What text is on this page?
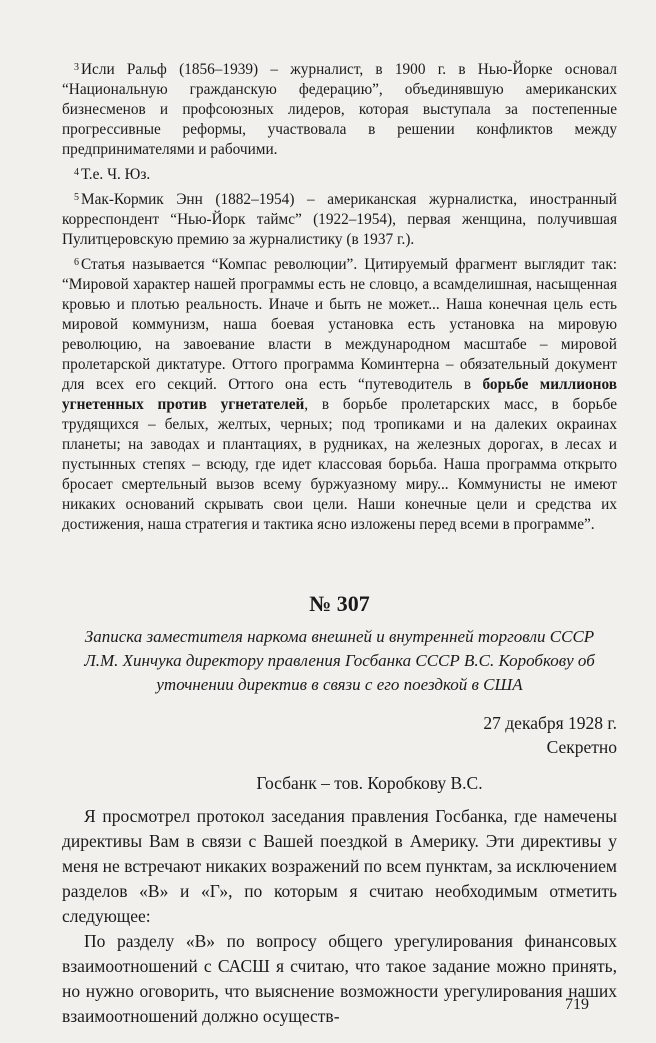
$^3$ Исли Ральф (1856–1939) – журналист, в 1900 г. в Нью-Йорке основал “Национальную гражданскую федерацию”, объединявшую американских бизнесменов и профсоюзных лидеров, которая выступала за постепенные прогрессивные реформы, участвовала в решении конфликтов между предпринимателями и рабочими.

$^4$ Т.е. Ч. Юз.

$^5$ Мак-Кормик Энн (1882–1954) – американская журналистка, иностранный корреспондент “Нью-Йорк таймс” (1922–1954), первая женщина, получившая Пулитцеровскую премию за журналистику (в 1937 г.).

$^6$ Статья называется “Компас революции”. Цитируемый фрагмент выглядит так: “Мировой характер нашей программы есть не словцо, а всамделишная, насыщенная кровью и плотью реальность. Иначе и быть не может... Наша конечная цель есть мировой коммунизм, наша боевая установка есть установка на мировую революцию, на завоевание власти в международном масштабе – мировой пролетарской диктатуре. Оттого программа Коминтерна – обязательный документ для всех его секций. Оттого она есть “путеводитель в борьбе миллионов угнетенных против угнетателей, в борьбе пролетарских масс, в борьбе трудящихся – белых, желтых, черных; под тропиками и на далеких окраинах планеты; на заводах и плантациях, в рудниках, на железных дорогах, в лесах и пустынных степях – всюду, где идет классовая борьба. Наша программа открыто бросает смертельный вызов всему буржуазному миру... Коммунисты не имеют никаких оснований скрывать свои цели. Наши конечные цели и средства их достижения, наша стратегия и тактика ясно изложены перед всеми в программе”.

№ 307
Записка заместителя наркома внешней и внутренней торговли СССР Л.М. Хинчука директору правления Госбанка СССР В.С. Коробкову об уточнении директив в связи с его поездкой в США
27 декабря 1928 г.
Секретно
Госбанк – тов. Коробкову В.С.

Я просмотрел протокол заседания правления Госбанка, где намечены директивы Вам в связи с Вашей поездкой в Америку. Эти директивы у меня не встречают никаких возражений по всем пунктам, за исключением разделов «В» и «Г», по которым я считаю необходимым отметить следующее:

По разделу «В» по вопросу общего урегулирования финансовых взаимоотношений с САСШ я считаю, что такое задание можно принять, но нужно оговорить, что выяснение возможности урегулирования наших взаимоотношений должно осуществ-

719
